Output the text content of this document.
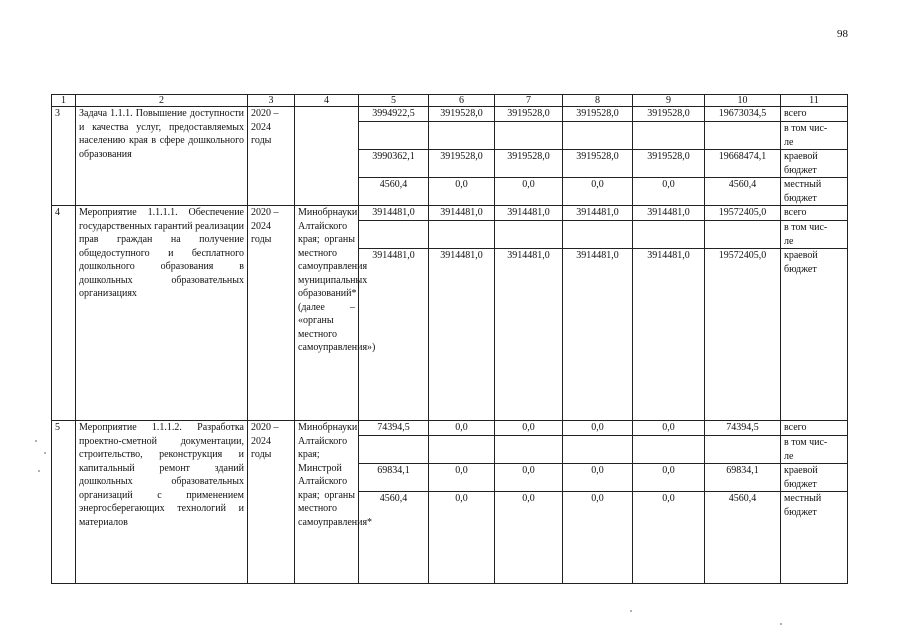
98
1	2	3	4	5	6	7	8	9	10	11
3	Задача 1.1.1. Повышение доступности и качества услуг, предоставляемых населению края в сфере дошкольного образования	2020 – 2024 годы		3994922,5	3919528,0	3919528,0	3919528,0	3919528,0	19673034,5	всего
										в том чис-
ле
				3990362,1	3919528,0	3919528,0	3919528,0	3919528,0	19668474,1	краевой
бюджет
				4560,4	0,0	0,0	0,0	0,0	4560,4	местный
бюджет
4	Мероприятие 1.1.1.1. Обеспечение государственных гарантий реализации прав граждан на получение общедоступного и бесплатного дошкольного образования в дошкольных образовательных организациях	2020 – 2024 годы	Минобрнауки Алтайского края; органы местного самоуправления муниципальных образований* (далее – «органы местного самоуправления»)	3914481,0	3914481,0	3914481,0	3914481,0	3914481,0	19572405,0	всего
										в том чис-
ле
				3914481,0	3914481,0	3914481,0	3914481,0	3914481,0	19572405,0	краевой
бюджет
5	Мероприятие 1.1.1.2. Разработка проектно-сметной документации, строительство, реконструкция и капитальный ремонт зданий дошкольных образовательных организаций с применением энергосберегающих технологий и материалов	2020 – 2024 годы	Минобрнауки Алтайского края; Минстрой Алтайского края; органы местного самоуправления*	74394,5	0,0	0,0	0,0	0,0	74394,5	всего
										в том чис-
ле
				69834,1	0,0	0,0	0,0	0,0	69834,1	краевой
бюджет
				4560,4	0,0	0,0	0,0	0,0	4560,4	местный
бюджет
